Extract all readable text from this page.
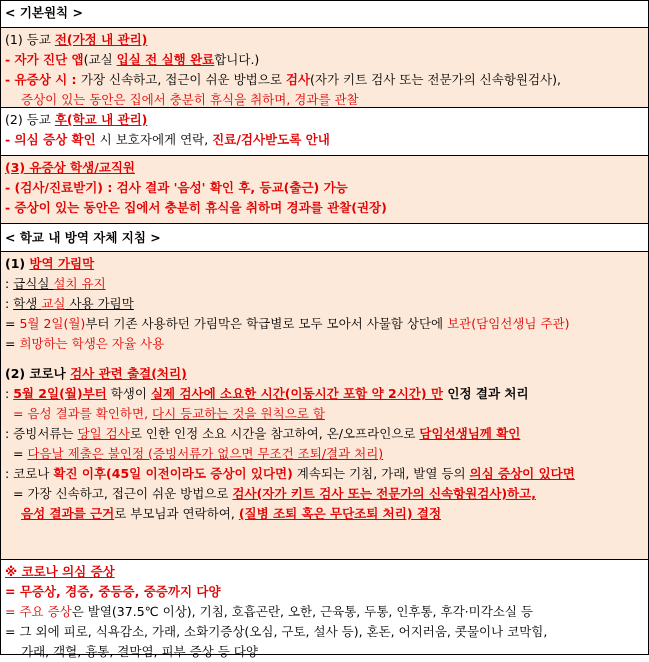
< 기본원칙 >
(1) 등교 전(가정 내 관리)
- 자가 진단 앱(교실 입실 전 실행 완료합니다.)
- 유증상 시 : 가장 신속하고, 접근이 쉬운 방법으로 검사(자가 키트 검사 또는 전문가의 신속항원검사),
증상이 있는 동안은 집에서 충분히 휴식을 취하며, 경과를 관찰
(2) 등교 후(학교 내 관리)
- 의심 증상 확인 시 보호자에게 연락, 진료/검사받도록 안내
(3) 유증상 학생/교직원
- (검사/진료받기) : 검사 결과 '음성' 확인 후, 등교(출근) 가능
- 증상이 있는 동안은 집에서 충분히 휴식을 취하며 경과를 관찰(권장)
< 학교 내 방역 자체 지침 >
(1) 방역 가림막
: 급식실 설치 유지
: 학생 교실 사용 가림막
= 5월 2일(월)부터 기존 사용하던 가림막은 학급별로 모두 모아서 사물함 상단에 보관(담임선생님 주관)
= 희망하는 학생은 자율 사용
(2) 코로나 검사 관련 출결(처리)
: 5월 2일(월)부터 학생이 실제 검사에 소요한 시간(이동시간 포함 약 2시간) 만 인정 결과 처리
= 음성 결과를 확인하면, 다시 등교하는 것을 원칙으로 함
: 증빙서류는 당일 검사로 인한 인정 소요 시간을 참고하여, 온/오프라인으로 담임선생님께 확인
= 다음날 제출은 불인정 (증빙서류가 없으면 무조건 조퇴/결과 처리)
: 코로나 확진 이후(45일 이전이라도 증상이 있다면) 계속되는 기침, 가래, 발열 등의 의심 증상이 있다면
= 가장 신속하고, 접근이 쉬운 방법으로 검사(자가 키트 검사 또는 전문가의 신속항원검사)하고,
음성 결과를 근거로 부모님과 연락하여, (질병 조퇴 혹은 무단조퇴 처리) 결정
※ 코로나 의심 증상
= 무증상, 경증, 중등증, 중증까지 다양
= 주요 증상은 발열(37.5℃ 이상), 기침, 호흡곤란, 오한, 근육통, 두통, 인후통, 후각·미각소실 등
= 그 외에 피로, 식욕감소, 가래, 소화기증상(오심, 구토, 설사 등), 혼돈, 어지러움, 콧물이나 코막힘,
가래, 객혈, 흉통, 결막염, 피부 증상 등 다양
